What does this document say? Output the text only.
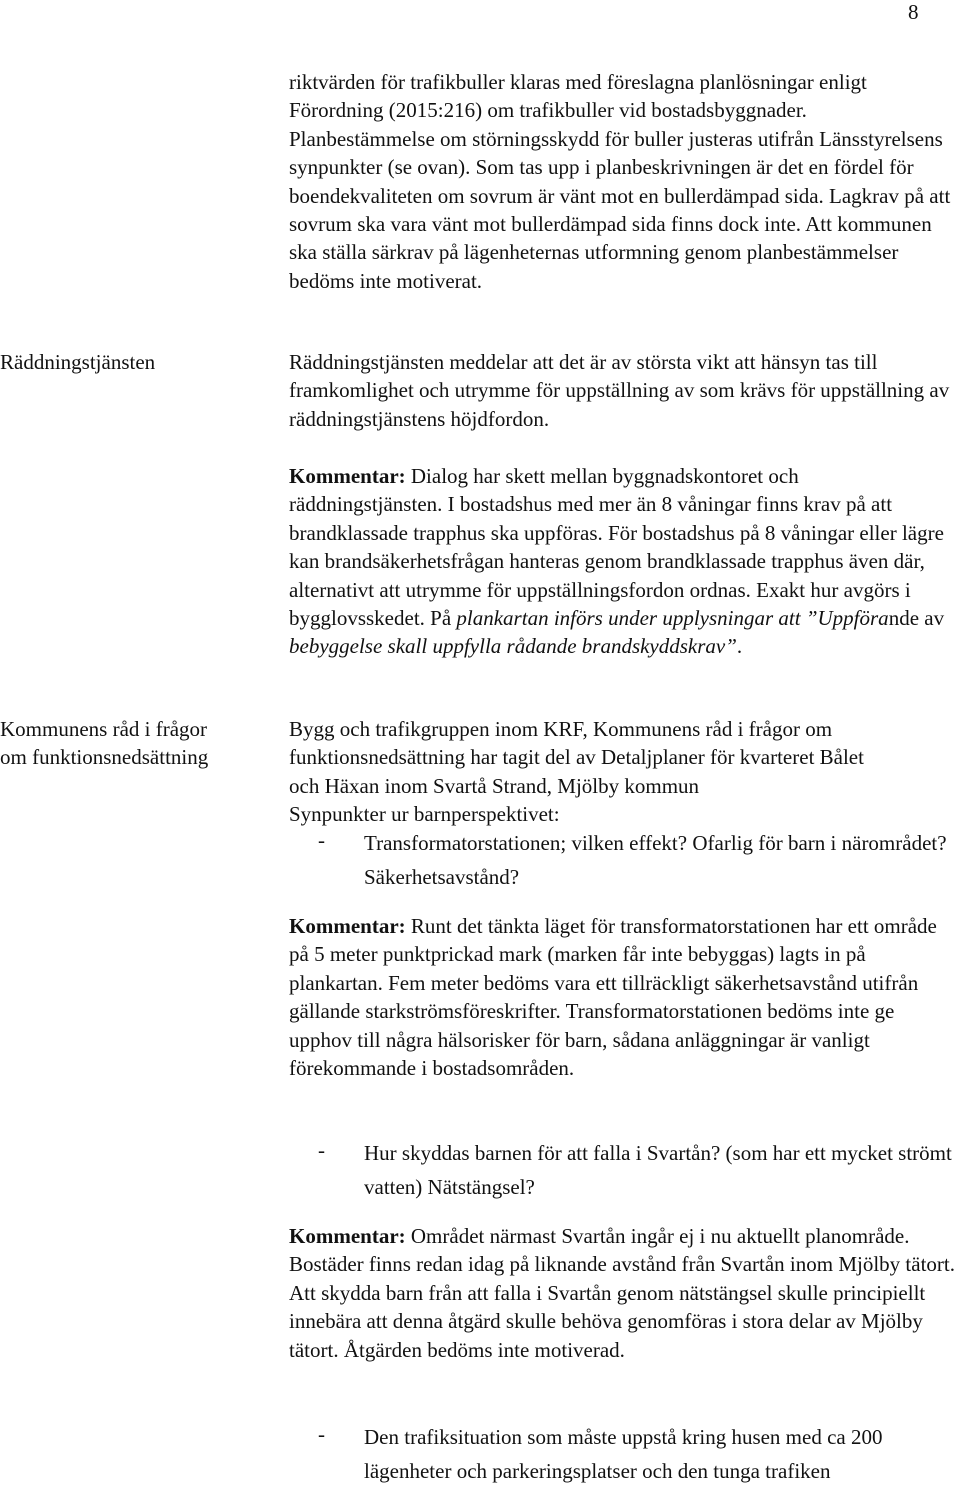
8

riktvärden för trafikbuller klaras med föreslagna planlösningar enligt Förordning (2015:216) om trafikbuller vid bostadsbyggnader. Planbestämmelse om störningsskydd för buller justeras utifrån Länsstyrelsens synpunkter (se ovan). Som tas upp i planbeskrivningen är det en fördel för boendekvaliteten om sovrum är vänt mot en bullerdämpad sida. Lagkrav på att sovrum ska vara vänt mot bullerdämpad sida finns dock inte. Att kommunen ska ställa särkrav på lägenheternas utformning genom planbestämmelser bedöms inte motiverat.

Räddningstjänsten	Räddningstjänsten meddelar att det är av största vikt att hänsyn tas till framkomlighet och utrymme för uppställning av som krävs för uppställning av räddningstjänstens höjdfordon.

Kommentar: Dialog har skett mellan byggnadskontoret och räddningstjänsten. I bostadshus med mer än 8 våningar finns krav på att brandklassade trapphus ska uppföras. För bostadshus på 8 våningar eller lägre kan brandsäkerhetsfrågan hanteras genom brandklassade trapphus även där, alternativt att utrymme för uppställningsfordon ordnas. Exakt hur avgörs i bygglovsskedet. På plankartan införs under upplysningar att ”Uppförande av bebyggelse skall uppfylla rådande brandskyddskrav”.

Kommunens råd i frågor
om funktionsnedsättning
Bygg och trafikgruppen inom KRF, Kommunens råd i frågor om
funktionsnedsättning har tagit del av Detaljplaner för kvarteret Bålet
och Häxan inom Svartå Strand, Mjölby kommun
Synpunkter ur barnperspektivet:
- Transformatorstationen; vilken effekt? Ofarlig för barn i närområdet? Säkerhetsavstånd?

Kommentar: Runt det tänkta läget för transformatorstationen har ett område på 5 meter punktprickad mark (marken får inte bebyggas) lagts in på plankartan. Fem meter bedöms vara ett tillräckligt säkerhetsavstånd utifrån gällande starkströmsföreskrifter. Transformatorstationen bedöms inte ge upphov till några hälsorisker för barn, sådana anläggningar är vanligt förekommande i bostadsområden.

- Hur skyddas barnen för att falla i Svartån? (som har ett mycket strömt vatten) Nätstängsel?

Kommentar: Området närmast Svartån ingår ej i nu aktuellt planområde. Bostäder finns redan idag på liknande avstånd från Svartån inom Mjölby tätort. Att skydda barn från att falla i Svartån genom nätstängsel skulle principiellt innebära att denna åtgärd skulle behöva genomföras i stora delar av Mjölby tätort. Åtgärden bedöms inte motiverad.

- Den trafiksituation som måste uppstå kring husen med ca 200 lägenheter och parkeringsplatser och den tunga trafiken
